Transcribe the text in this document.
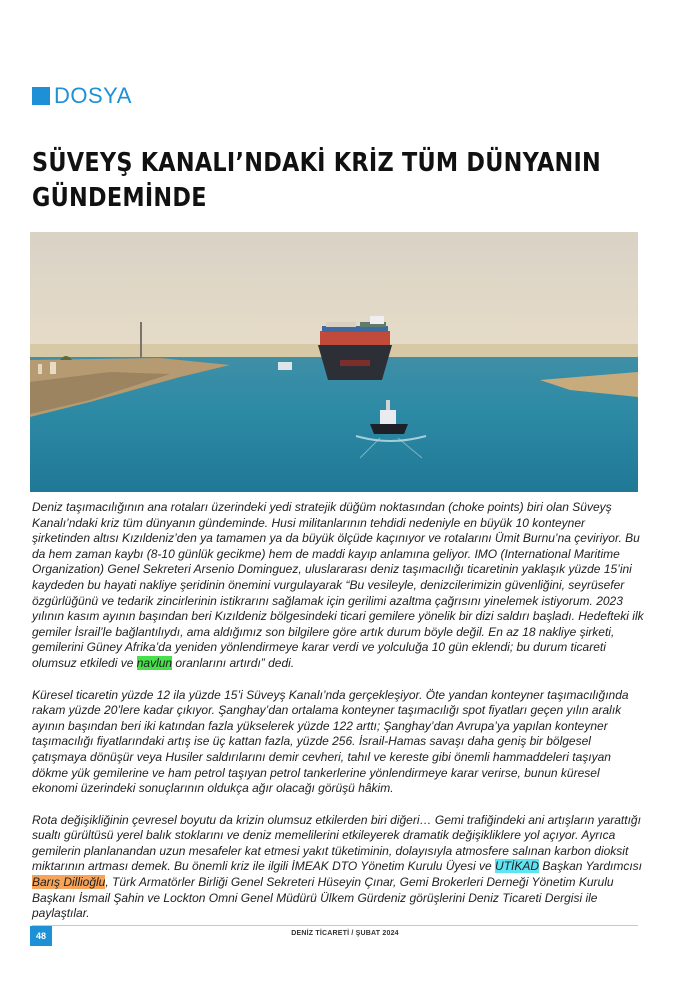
DOSYA
SÜVEYŞ KANALI’NDAKİ KRİZ TÜM DÜNYANIN
GÜNDEMİNDE

Deniz taşımacılığının ana rotaları üzerindeki yedi stratejik düğüm noktasından (choke points) biri olan Süveyş Kanalı’ndaki kriz tüm dünyanın gündeminde. Husi militanlarının tehdidi nedeniyle en büyük 10 konteyner şirketinden altısı Kızıldeniz’den ya tamamen ya da büyük ölçüde kaçınıyor ve rotalarını Ümit Burnu’na çeviriyor. Bu da hem zaman kaybı (8-10 günlük gecikme) hem de maddi kayıp anlamına geliyor. IMO (International Maritime Organization) Genel Sekreteri Arsenio Dominguez, uluslararası deniz taşımacılığı ticaretinin yaklaşık yüzde 15’ini kaydeden bu hayati nakliye şeridinin önemini vurgulayarak “Bu vesileyle, denizcilerimizin güvenliğini, seyrüsefer özgürlüğünü ve tedarik zincirlerinin istikrarını sağlamak için gerilimi azaltma çağrısını yinelemek istiyorum. 2023 yılının kasım ayının başından beri Kızıldeniz bölgesindeki ticari gemilere yönelik bir dizi saldırı başladı. Hedefteki ilk gemiler İsrail’le bağlantılıydı, ama aldığımız son bilgilere göre artık durum böyle değil. En az 18 nakliye şirketi, gemilerini Güney Afrika’da yeniden yönlendirmeye karar verdi ve yolculuğa 10 gün eklendi; bu durum ticareti olumsuz etkiledi ve navlun oranlarını artırdı” dedi.

Küresel ticaretin yüzde 12 ila yüzde 15’i Süveyş Kanalı’nda gerçekleşiyor. Öte yandan konteyner taşımacılığında rakam yüzde 20’lere kadar çıkıyor. Şanghay’dan ortalama konteyner taşımacılığı spot fiyatları geçen yılın aralık ayının başından beri iki katından fazla yükselerek yüzde 122 arttı; Şanghay’dan Avrupa’ya yapılan konteyner taşımacılığı fiyatlarındaki artış ise üç kattan fazla, yüzde 256. İsrail-Hamas savaşı daha geniş bir bölgesel çatışmaya dönüşür veya Husiler saldırılarını demir cevheri, tahıl ve kereste gibi önemli hammaddeleri taşıyan dökme yük gemilerine ve ham petrol taşıyan petrol tankerlerine yönlendirmeye karar verirse, bunun küresel ekonomi üzerindeki sonuçlarının oldukça ağır olacağı görüşü hâkim.

Rota değişikliğinin çevresel boyutu da krizin olumsuz etkilerden biri diğeri… Gemi trafiğindeki ani artışların yarattığı sualtı gürültüsü yerel balık stoklarını ve deniz memelilerini etkileyerek dramatik değişikliklere yol açıyor. Ayrıca gemilerin planlanandan uzun mesafeler kat etmesi yakıt tüketiminin, dolayısıyla atmosfere salınan karbon dioksit miktarının artması demek. Bu önemli kriz ile ilgili İMEAK DTO Yönetim Kurulu Üyesi ve UTİKAD Başkan Yardımcısı Barış Dillioğlu, Türk Armatörler Birliği Genel Sekreteri Hüseyin Çınar, Gemi Brokerleri Derneği Yönetim Kurulu Başkanı İsmail Şahin ve Lockton Omni Genel Müdürü Ülkem Gürdeniz görüşlerini Deniz Ticareti Dergisi ile paylaştılar.

48	DENİZ TİCARETİ / ŞUBAT 2024
